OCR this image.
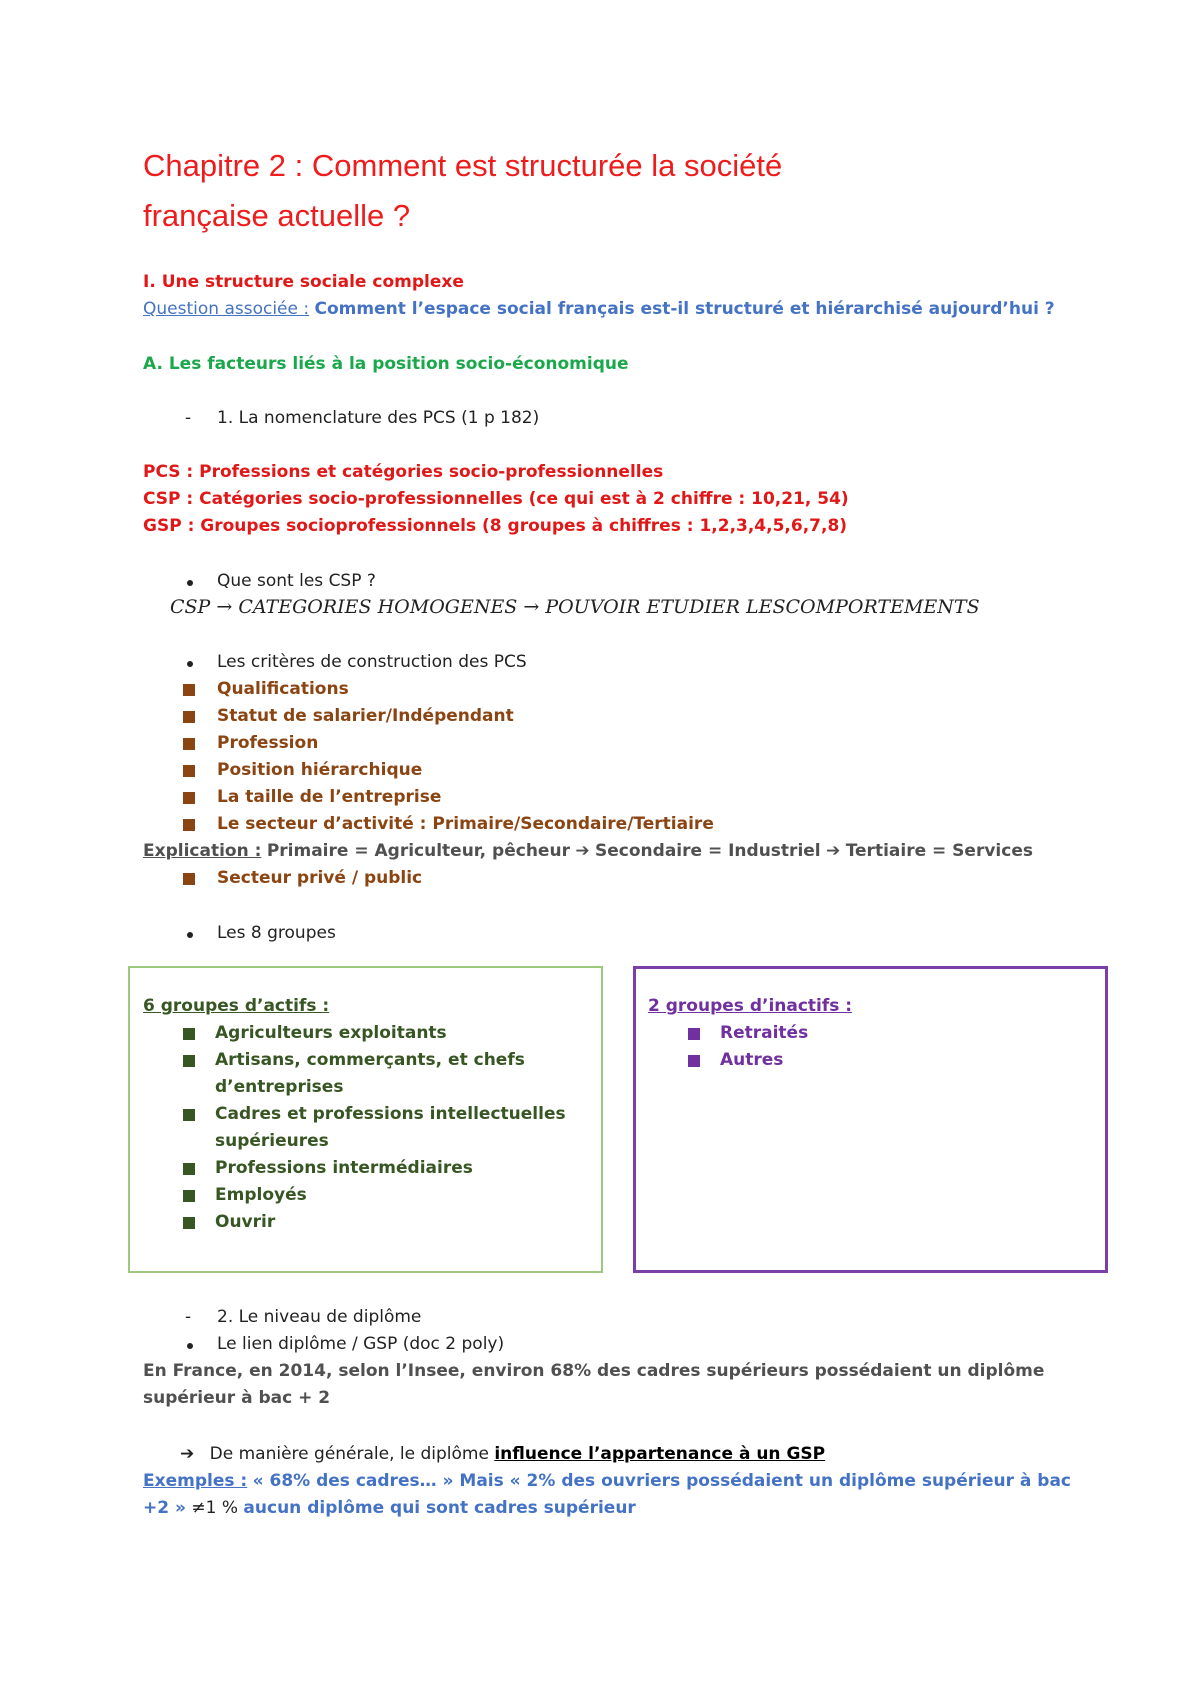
Chapitre 2 : Comment est structurée la société
française actuelle ?
I. Une structure sociale complexe
Question associée : Comment l’espace social français est-il structuré et hiérarchisé aujourd’hui ?
A. Les facteurs liés à la position socio-économique
- 1. La nomenclature des PCS (1 p 182)
PCS : Professions et catégories socio-professionnelles
CSP : Catégories socio-professionnelles (ce qui est à 2 chiffre : 10,21, 54)
GSP : Groupes socioprofessionnels (8 groupes à chiffres : 1,2,3,4,5,6,7,8)
Que sont les CSP ?
CSP → CATEGORIES HOMOGENES → POUVOIR ETUDIER LESCOMPORTEMENTS
Les critères de construction des PCS
Qualifications
Statut de salarier/Indépendant
Profession
Position hiérarchique
La taille de l’entreprise
Le secteur d’activité : Primaire/Secondaire/Tertiaire
Explication : Primaire = Agriculteur, pêcheur ➔ Secondaire = Industriel ➔ Tertiaire = Services
Secteur privé / public
Les 8 groupes
6 groupes d’actifs :
Agriculteurs exploitants
Artisans, commerçants, et chefs
d’entreprises
Cadres et professions intellectuelles
supérieures
Professions intermédiaires
Employés
Ouvrir
2 groupes d’inactifs :
Retraités
Autres
- 2. Le niveau de diplôme
Le lien diplôme / GSP (doc 2 poly)
En France, en 2014, selon l’Insee, environ 68% des cadres supérieurs possédaient un diplôme
supérieur à bac + 2
➔ De manière générale, le diplôme influence l’appartenance à un GSP
Exemples : « 68% des cadres… » Mais « 2% des ouvriers possédaient un diplôme supérieur à bac
+2 » ≠1 % aucun diplôme qui sont cadres supérieur
